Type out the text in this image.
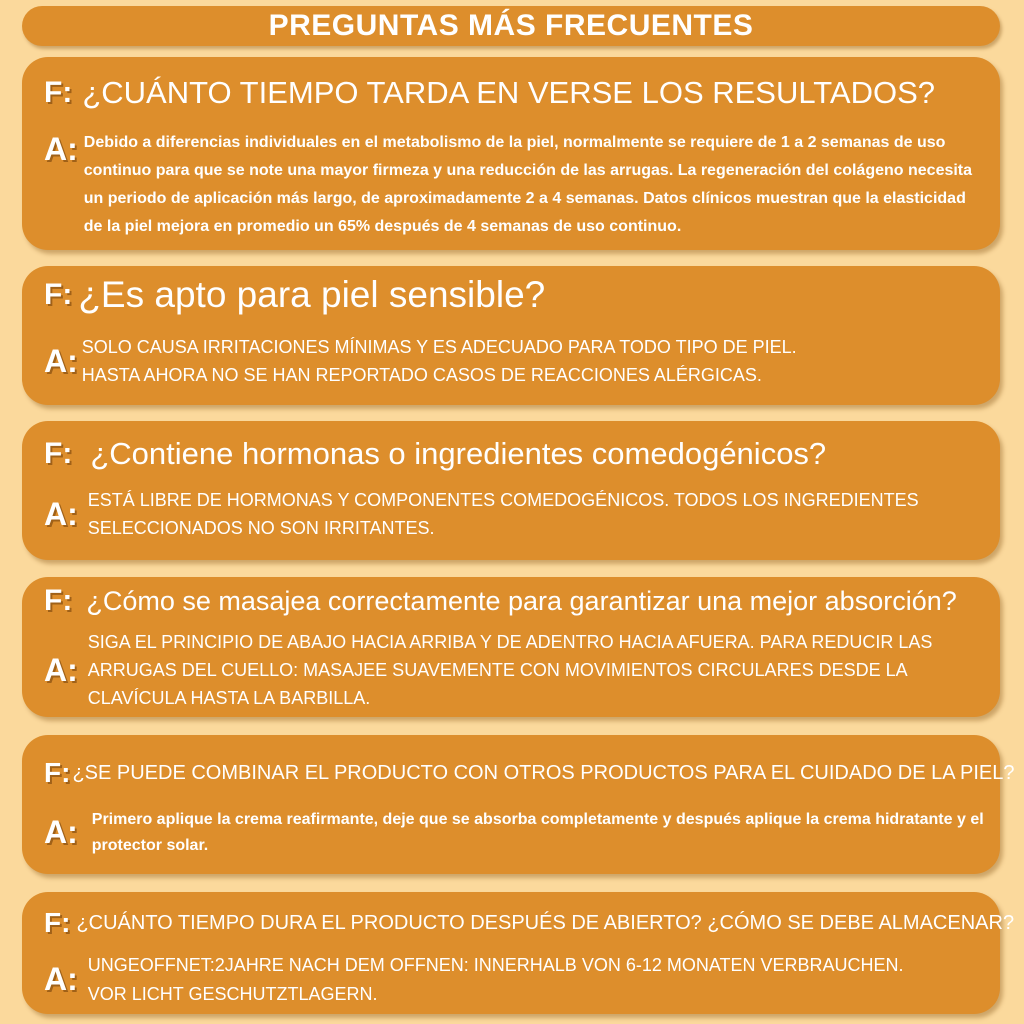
PREGUNTAS MÁS FRECUENTES
F: ¿CUÁNTO TIEMPO TARDA EN VERSE LOS RESULTADOS?
A: Debido a diferencias individuales en el metabolismo de la piel, normalmente se requiere de 1 a 2 semanas de uso continuo para que se note una mayor firmeza y una reducción de las arrugas. La regeneración del colágeno necesita un periodo de aplicación más largo, de aproximadamente 2 a 4 semanas. Datos clínicos muestran que la elasticidad de la piel mejora en promedio un 65% después de 4 semanas de uso continuo.
F: ¿Es apto para piel sensible?
A: SOLO CAUSA IRRITACIONES MÍNIMAS Y ES ADECUADO PARA TODO TIPO DE PIEL.
HASTA AHORA NO SE HAN REPORTADO CASOS DE REACCIONES ALÉRGICAS.
F: ¿Contiene hormonas o ingredientes comedogénicos?
A: ESTÁ LIBRE DE HORMONAS Y COMPONENTES COMEDOGÉNICOS. TODOS LOS INGREDIENTES
SELECCIONADOS NO SON IRRITANTES.
F: ¿Cómo se masajea correctamente para garantizar una mejor absorción?
A:
SIGA EL PRINCIPIO DE ABAJO HACIA ARRIBA Y DE ADENTRO HACIA AFUERA. PARA REDUCIR LAS
ARRUGAS DEL CUELLO: MASAJEE SUAVEMENTE CON MOVIMIENTOS CIRCULARES DESDE LA
CLAVÍCULA HASTA LA BARBILLA.
F: ¿SE PUEDE COMBINAR EL PRODUCTO CON OTROS PRODUCTOS PARA EL CUIDADO DE LA PIEL?
A: Primero aplique la crema reafirmante, deje que se absorba completamente y después aplique la crema hidratante y el protector solar.
F: ¿CUÁNTO TIEMPO DURA EL PRODUCTO DESPUÉS DE ABIERTO? ¿CÓMO SE DEBE ALMACENAR?
A: UNGEOFFNET:2JAHRE NACH DEM OFFNEN: INNERHALB VON 6-12 MONATEN VERBRAUCHEN.
VOR LICHT GESCHUTZTLAGERN.
